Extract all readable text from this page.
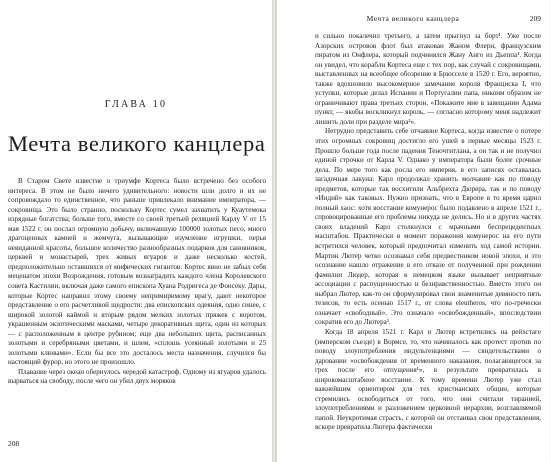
ГЛАВА 10
Мечта великого канцлера

В Старом Свете известие о триумфе Кортеса было встречено без особого интереса. В этом не было ничего удивительного: новости шли долго и их не сопровождало то единственное, что раньше привлекало внимание императора, — сокровища. Это было странно, поскольку Кортес сумел захватить у Куаутемока изрядные богатства; больше того, вместе со своей третьей реляцией Карлу V от 15 мая 1522 г. он послал огромную добычу, включавшую 100000 золотых песо, много драгоценных камней и жемчуга, вызывающие изумление игрушки, перья невиданной красоты, большое количество разнообразных подарков для сановников, церквей и монастырей, трех живых ягуаров и даже несколько костей, предположительно оставшихся от мифических гигантов. Кортес явно не забыл себя меценатом эпохи Возрождения, готовым вознаградить каждого члена Королевского совета Кастилии, включая даже самого епископа Хуана Родригеса де Фонсеку. Дары, которые Кортес направил этому своему непримиримому врагу, дают некоторое представление о его расчетливой щедрости: два епископских одеяния, одно синее, с широкой золотой каймой и вторым рядом мелких золотых пряжек с воротом, украшенным экзотическими масками, четыре декоративных щита, один из которых — с расположенным в центре рубином; еще два небольших щита, расписанных золотыми и серебряными цветами, и шлем, «сплошь усеянный золотыми и 25 золотыми клювами». Если бы все это досталось места назначения, случился бы настоящий фурор, но этого не произошло.

Плавание через океан обернулось чередой катастроф. Одному из ягуаров удалось вырваться на свободу, после чего он убил двух моряков

208
Мечта великого канцлера	209

и сильно покалечил третьего, а затем прыгнул за борт¹. Уже после Азорских островов флот был атакован Жаном Флери, французским пиратом из Онфлера, который подчинялся Жану Анго из Дьеппа¹. Когда он увидел, что корабли Кортеса еще с тех пор, как случай с сокровищами, выставленных на всеобщее обозрение в Брюсселе в 1520 г. Его, вероятно, также вдохновило высокомерное замечание короля Франциска I, что уступки, которые делал Испании и Португалии папа, никоим образом не ограничивают права третьих сторон. «Покажите мне в завещании Адама пункт, — якобы воскликнул король, — согласно которому меня надлежит лишить доли при разделе мира²».

Нетрудно представить себе отчаяние Кортеса, когда известие о потере этих огромных сокровищ достигло его ушей в первые месяцы 1523 г. Прошло больше года после падения Теночтитлана, а он так и не получил единой строчки от Карла V. Однако у императора были более срочные дела. По мере того как росла его империя, в его записях оставалась загадочная лакуна: Карл продолжал хранить молчание как по поводу предметов, которые так восхитили Альбрехта Дюрера, так и по поводу «Индий» как таковых. Нужно признать, что в Европе в то время царил полный хаос: хотя восстание комунерос было подавлено в апреле 1521 г., спровоцированные его проблемы никуда не делись. Но и в других частях своих владений Карл столкнулся с мрачными беспрецедентных масштабов. Практически в момент поражения комунерос на его пути встретился человек, который предпочитал изменить ход самой истории. Мартин Лютер четко осознавал себя предвестником новой эпохи, и это осознание нашло отражение в его отказе от полученной при рождении фамилии Людер, которая в немецком языке вызывает неприятные ассоциации с распущенностью и безнравственностью. Вместо этого он выбрал Лютер, как-то он сформулировал свои знаменитые девяносто пять тезисов, то есть осенью 1517 г., от слова eleutheros, что по-гречески означает «свободный». Это означало «освобожденный», впоследствии сократив его до Лютера³.

Когда 18 апреля 1521 г. Карл и Лютер встретились на рейхстаге (имперском съезде) в Вормсе, то, что начиналось как протест против по поводу злоупотребления индульгенциями — свидетельствами о даровании «освобождения от временного наказания, полагающегося за грех после его отпущения¹», в результате превратилась в широкомасштабное восстание. К тому времени Лютер уже стал важнейшим ориентиром для тех христианских общин, которые стремились освободиться от того, что они считали тиранией, злоупотреблениями и разложением церковной иерархии, возглавляемой папой. Неукротимая страсть, с которой он отстаивал свои представления, вскоре превратила Лютера фактически
